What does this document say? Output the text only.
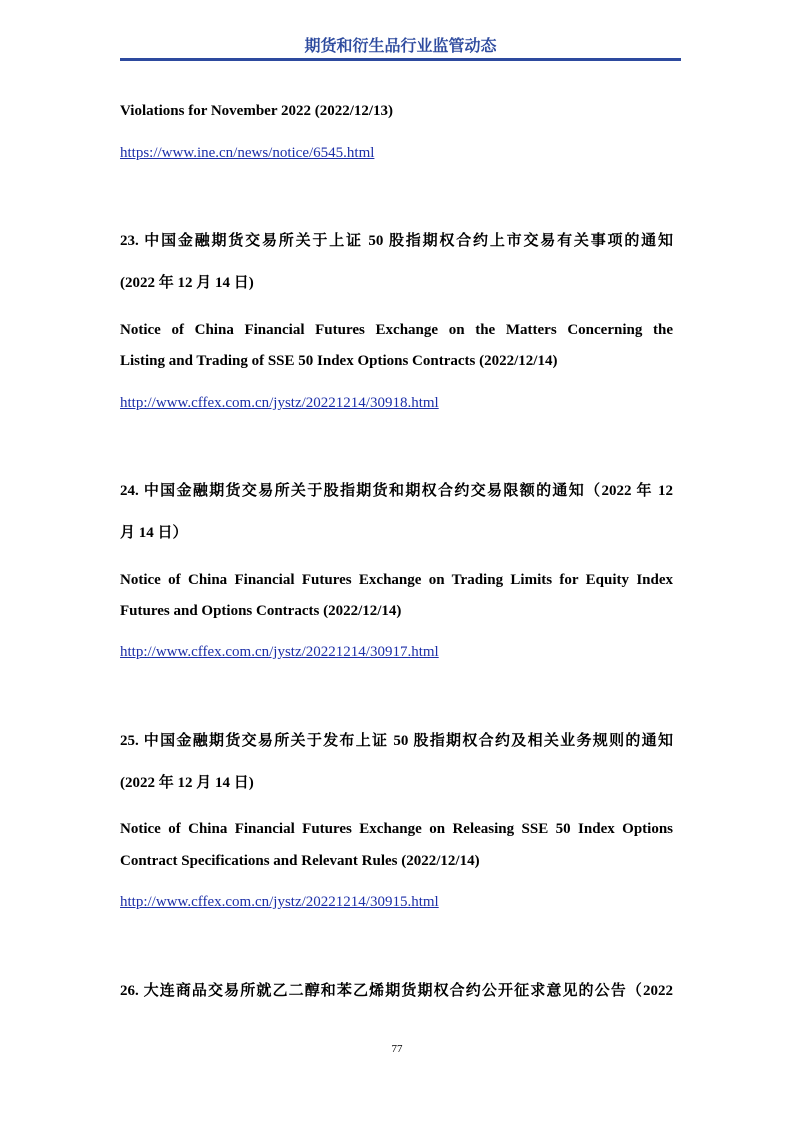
期货和衍生品行业监管动态
Violations for November 2022 (2022/12/13)
https://www.ine.cn/news/notice/6545.html
23. 中国金融期货交易所关于上证 50 股指期权合约上市交易有关事项的通知
(2022 年 12 月 14 日)
Notice of China Financial Futures Exchange on the Matters Concerning the
Listing and Trading of SSE 50 Index Options Contracts (2022/12/14)
http://www.cffex.com.cn/jystz/20221214/30918.html
24. 中国金融期货交易所关于股指期货和期权合约交易限额的通知（2022 年 12
月 14 日）
Notice of China Financial Futures Exchange on Trading Limits for Equity Index
Futures and Options Contracts (2022/12/14)
http://www.cffex.com.cn/jystz/20221214/30917.html
25. 中国金融期货交易所关于发布上证 50 股指期权合约及相关业务规则的通知
(2022 年 12 月 14 日)
Notice of China Financial Futures Exchange on Releasing SSE 50 Index Options
Contract Specifications and Relevant Rules (2022/12/14)
http://www.cffex.com.cn/jystz/20221214/30915.html
26. 大连商品交易所就乙二醇和苯乙烯期货期权合约公开征求意见的公告（2022
77
